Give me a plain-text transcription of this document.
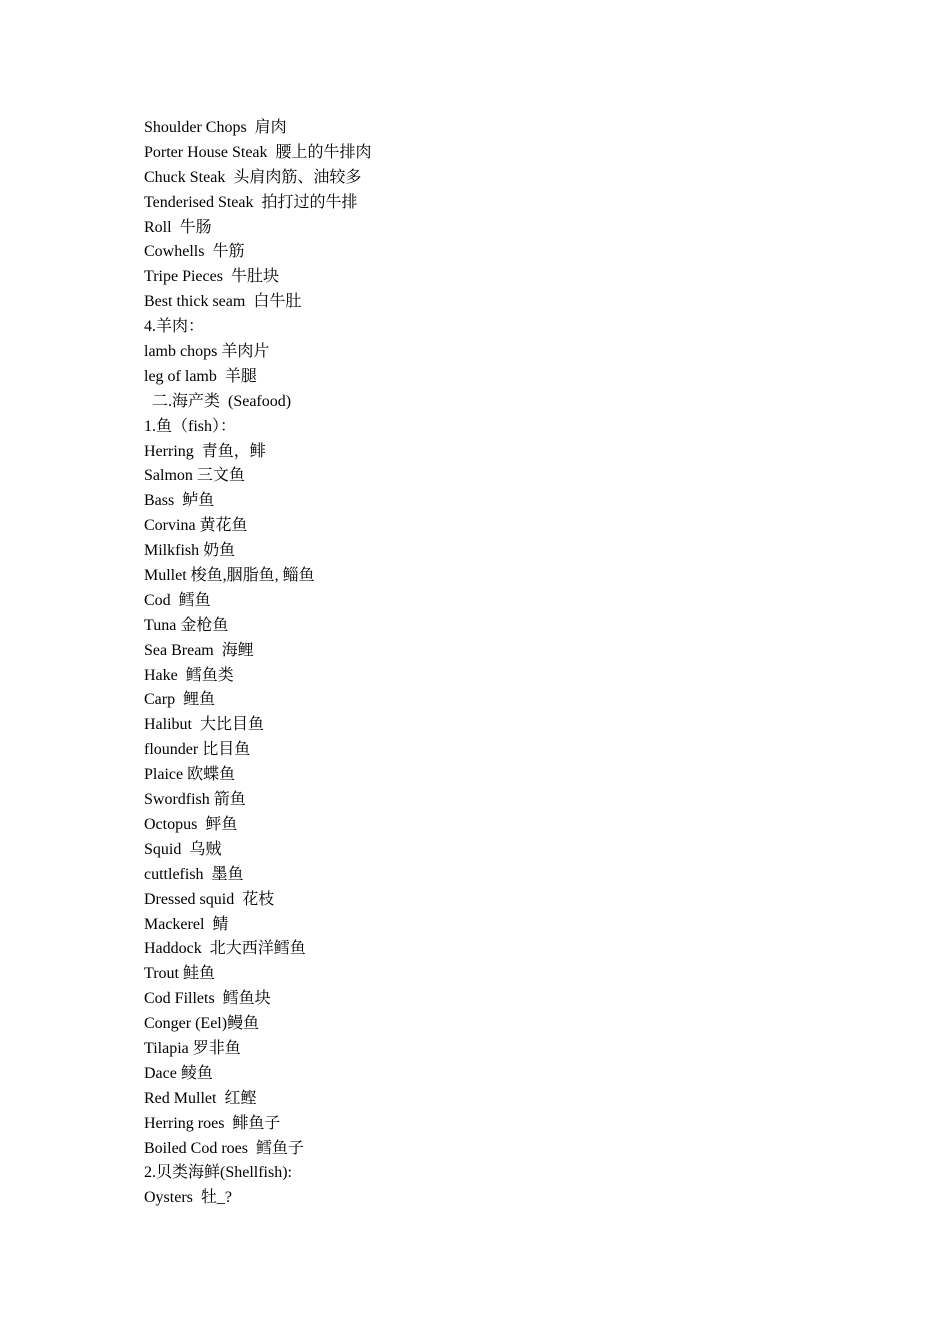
Shoulder Chops  肩肉
Porter House Steak  腰上的牛排肉
Chuck Steak  头肩肉筋、油较多
Tenderised Steak  拍打过的牛排
Roll  牛肠
Cowhells  牛筋
Tripe Pieces  牛肚块
Best thick seam  白牛肚
4.羊肉：
lamb chops 羊肉片
leg of lamb  羊腿
二.海产类  (Seafood)
1.鱼（fish）：
Herring  青鱼，鲱
Salmon 三文鱼
Bass  鲈鱼
Corvina 黄花鱼
Milkfish 奶鱼
Mullet 梭鱼,胭脂鱼, 鲻鱼
Cod  鳕鱼
Tuna 金枪鱼
Sea Bream  海鲤
Hake  鳕鱼类
Carp  鲤鱼
Halibut  大比目鱼
flounder 比目鱼
Plaice 欧蝶鱼
Swordfish 箭鱼
Octopus  鲆鱼
Squid  乌贼
cuttlefish  墨鱼
Dressed squid  花枝
Mackerel  鲭
Haddock  北大西洋鳕鱼
Trout 鲑鱼
Cod Fillets  鳕鱼块
Conger (Eel)鳗鱼
Tilapia 罗非鱼
Dace 鲮鱼
Red Mullet  红鲣
Herring roes  鲱鱼子
Boiled Cod roes  鳕鱼子
2.贝类海鲜(Shellfish):
Oysters  牡_?
